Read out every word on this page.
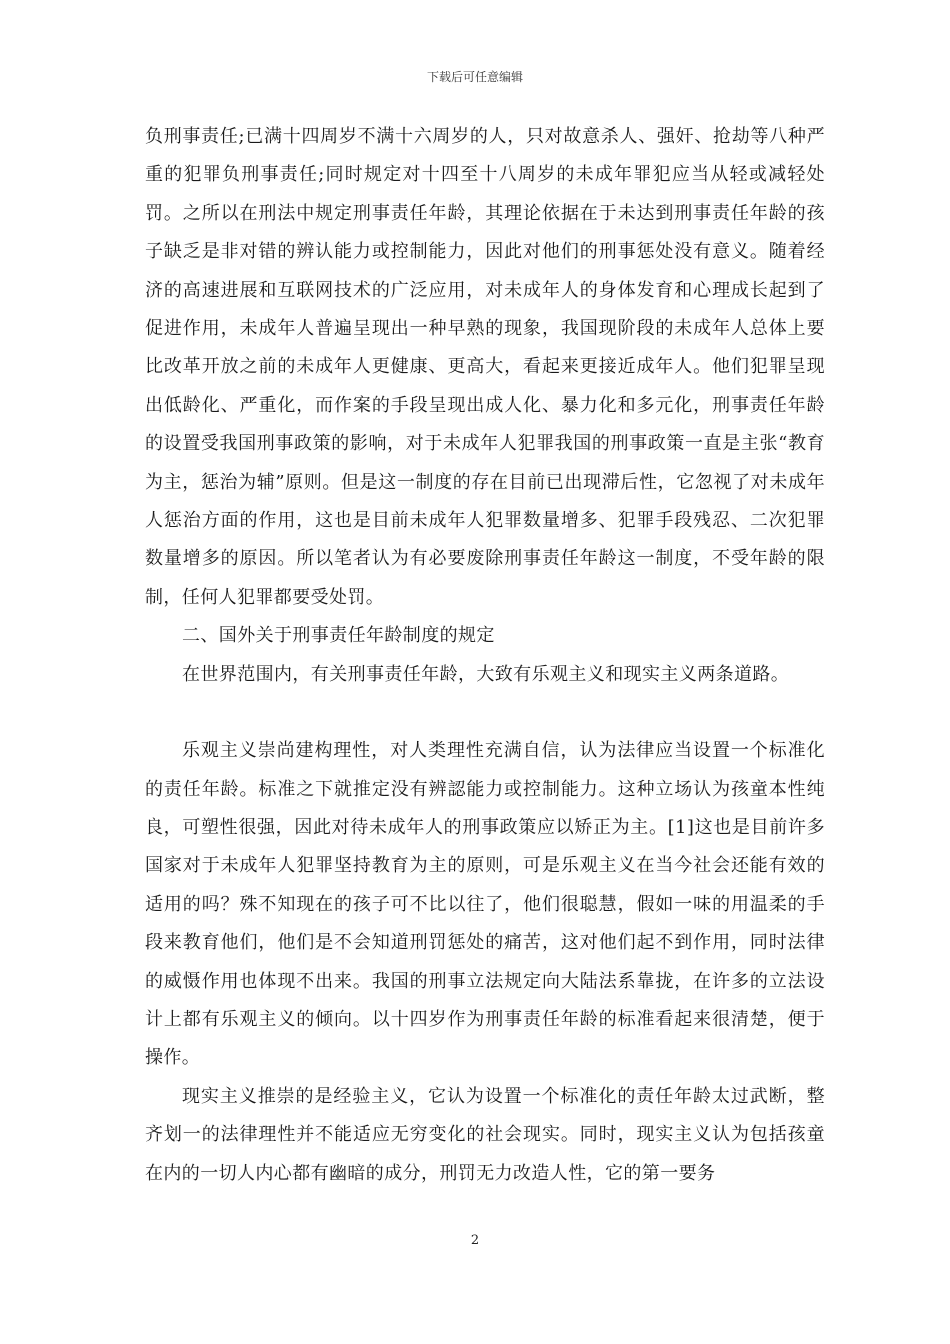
下载后可任意编辑

负刑事责任;已满十四周岁不满十六周岁的人，只对故意杀人、强奸、抢劫等八种严重的犯罪负刑事责任;同时规定对十四至十八周岁的未成年罪犯应当从轻或减轻处罚。之所以在刑法中规定刑事责任年龄，其理论依据在于未达到刑事责任年龄的孩子缺乏是非对错的辨认能力或控制能力，因此对他们的刑事惩处没有意义。随着经济的高速进展和互联网技术的广泛应用，对未成年人的身体发育和心理成长起到了促进作用，未成年人普遍呈现出一种早熟的现象，我国现阶段的未成年人总体上要比改革开放之前的未成年人更健康、更高大，看起来更接近成年人。他们犯罪呈现出低龄化、严重化，而作案的手段呈现出成人化、暴力化和多元化，刑事责任年龄的设置受我国刑事政策的影响，对于未成年人犯罪我国的刑事政策一直是主张“教育为主，惩治为辅”原则。但是这一制度的存在目前已出现滞后性，它忽视了对未成年人惩治方面的作用，这也是目前未成年人犯罪数量增多、犯罪手段残忍、二次犯罪数量增多的原因。所以笔者认为有必要废除刑事责任年龄这一制度，不受年龄的限制，任何人犯罪都要受处罚。

二、国外关于刑事责任年龄制度的规定

在世界范围内，有关刑事责任年龄，大致有乐观主义和现实主义两条道路。

乐观主义崇尚建构理性，对人类理性充满自信，认为法律应当设置一个标准化的责任年龄。标准之下就推定没有辨認能力或控制能力。这种立场认为孩童本性纯良，可塑性很强，因此对待未成年人的刑事政策应以矫正为主。[1]这也是目前许多国家对于未成年人犯罪坚持教育为主的原则，可是乐观主义在当今社会还能有效的适用的吗？殊不知现在的孩子可不比以往了，他们很聪慧，假如一味的用温柔的手段来教育他们，他们是不会知道刑罚惩处的痛苦，这对他们起不到作用，同时法律的威慑作用也体现不出来。我国的刑事立法规定向大陆法系靠拢，在许多的立法设计上都有乐观主义的倾向。以十四岁作为刑事责任年龄的标准看起来很清楚，便于操作。

现实主义推崇的是经验主义，它认为设置一个标准化的责任年龄太过武断，整齐划一的法律理性并不能适应无穷变化的社会现实。同时，现实主义认为包括孩童在内的一切人内心都有幽暗的成分，刑罚无力改造人性，它的第一要务

2
